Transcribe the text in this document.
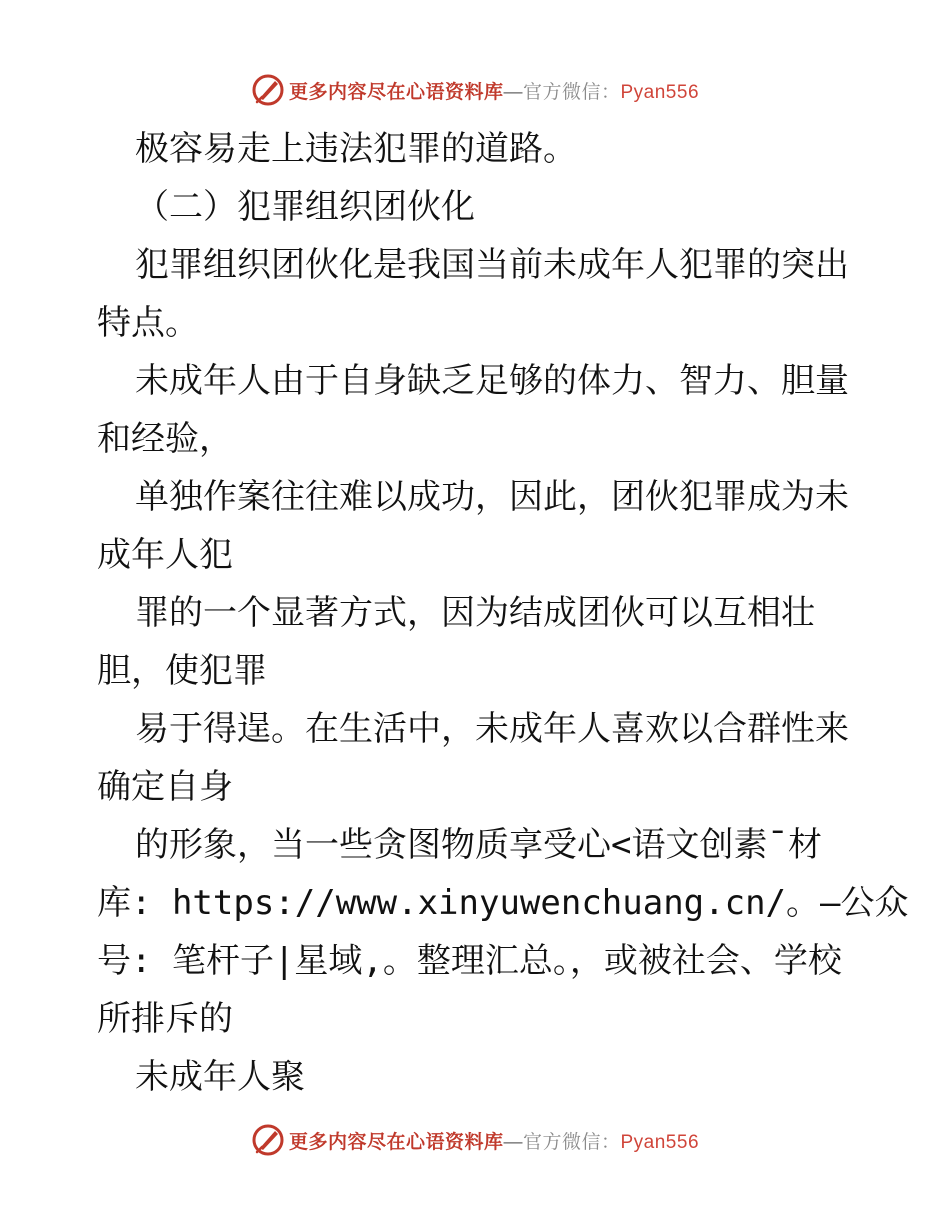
更多内容尽在心语资料库—官方微信：Pyan556
极容易走上违法犯罪的道路。
（二）犯罪组织团伙化
犯罪组织团伙化是我国当前未成年人犯罪的突出
特点。
未成年人由于自身缺乏足够的体力、智力、胆量
和经验，
单独作案往往难以成功，因此，团伙犯罪成为未
成年人犯
罪的一个显著方式，因为结成团伙可以互相壮
胆，使犯罪
易于得逞。在生活中，未成年人喜欢以合群性来
确定自身
的形象，当一些贪图物质享受心<语文创素¯材
库: https://www.xinyuwenchuang.cn/。—公众
号: 笔杆子|星域,。整理汇总。，或被社会、学校
所排斥的
未成年人聚
更多内容尽在心语资料库—官方微信：Pyan556
